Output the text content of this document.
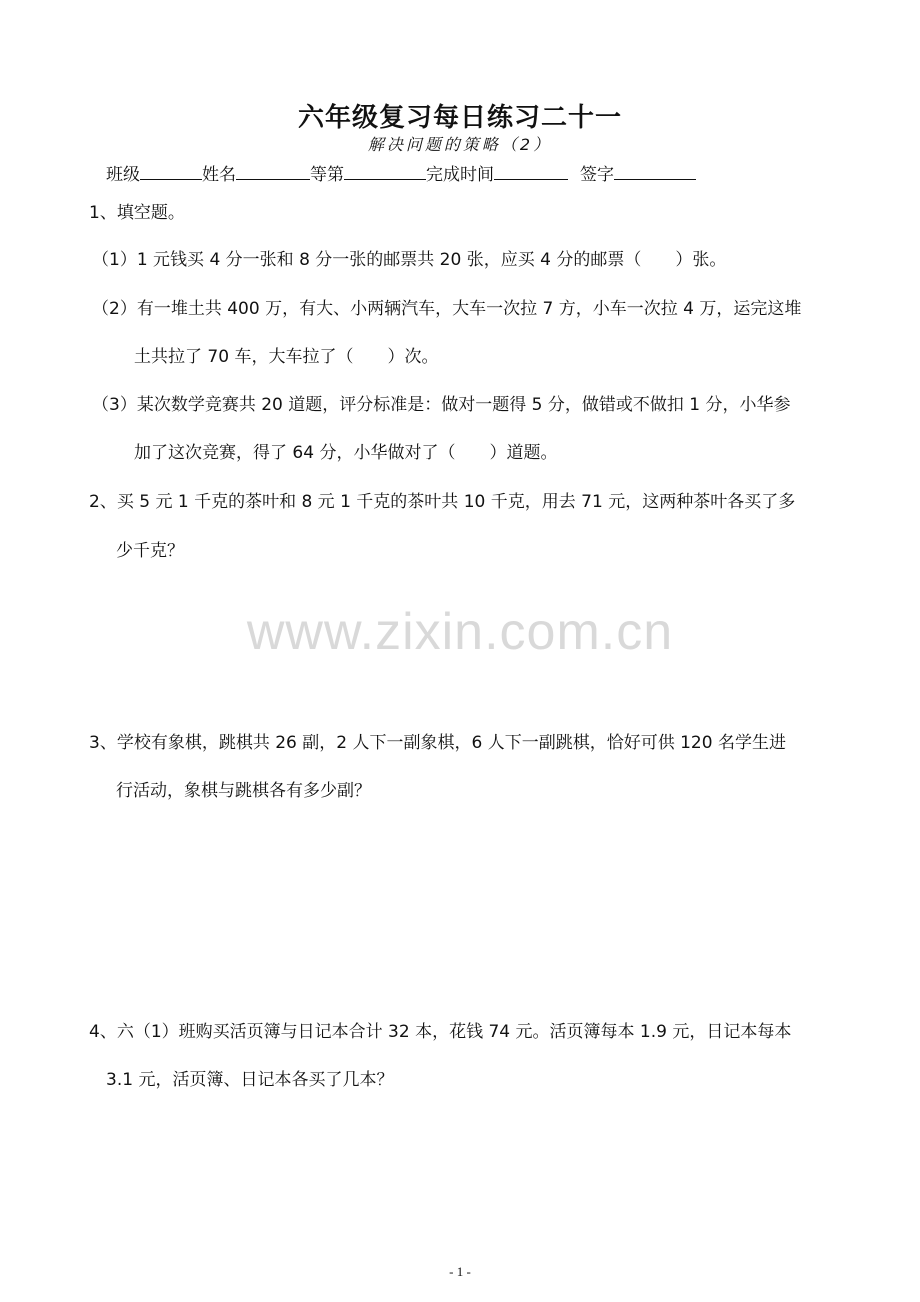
六年级复习每日练习二十一
解决问题的策略（2）
班级	姓名	等第	完成时间	签字
1、填空题。
（1）1 元钱买 4 分一张和 8 分一张的邮票共 20 张，应买 4 分的邮票（　　）张。
（2）有一堆土共 400 万，有大、小两辆汽车，大车一次拉 7 方，小车一次拉 4 万，运完这堆
土共拉了 70 车，大车拉了（　　）次。
（3）某次数学竞赛共 20 道题，评分标准是：做对一题得 5 分，做错或不做扣 1 分，小华参
加了这次竞赛，得了 64 分，小华做对了（　　）道题。
2、买 5 元 1 千克的茶叶和 8 元 1 千克的茶叶共 10 千克，用去 71 元，这两种茶叶各买了多
少千克？
www.zixin.com.cn
3、学校有象棋，跳棋共 26 副，2 人下一副象棋，6 人下一副跳棋，恰好可供 120 名学生进
行活动，象棋与跳棋各有多少副？
4、六（1）班购买活页簿与日记本合计 32 本，花钱 74 元。活页簿每本 1.9 元，日记本每本
3.1 元，活页簿、日记本各买了几本？
- 1 -
